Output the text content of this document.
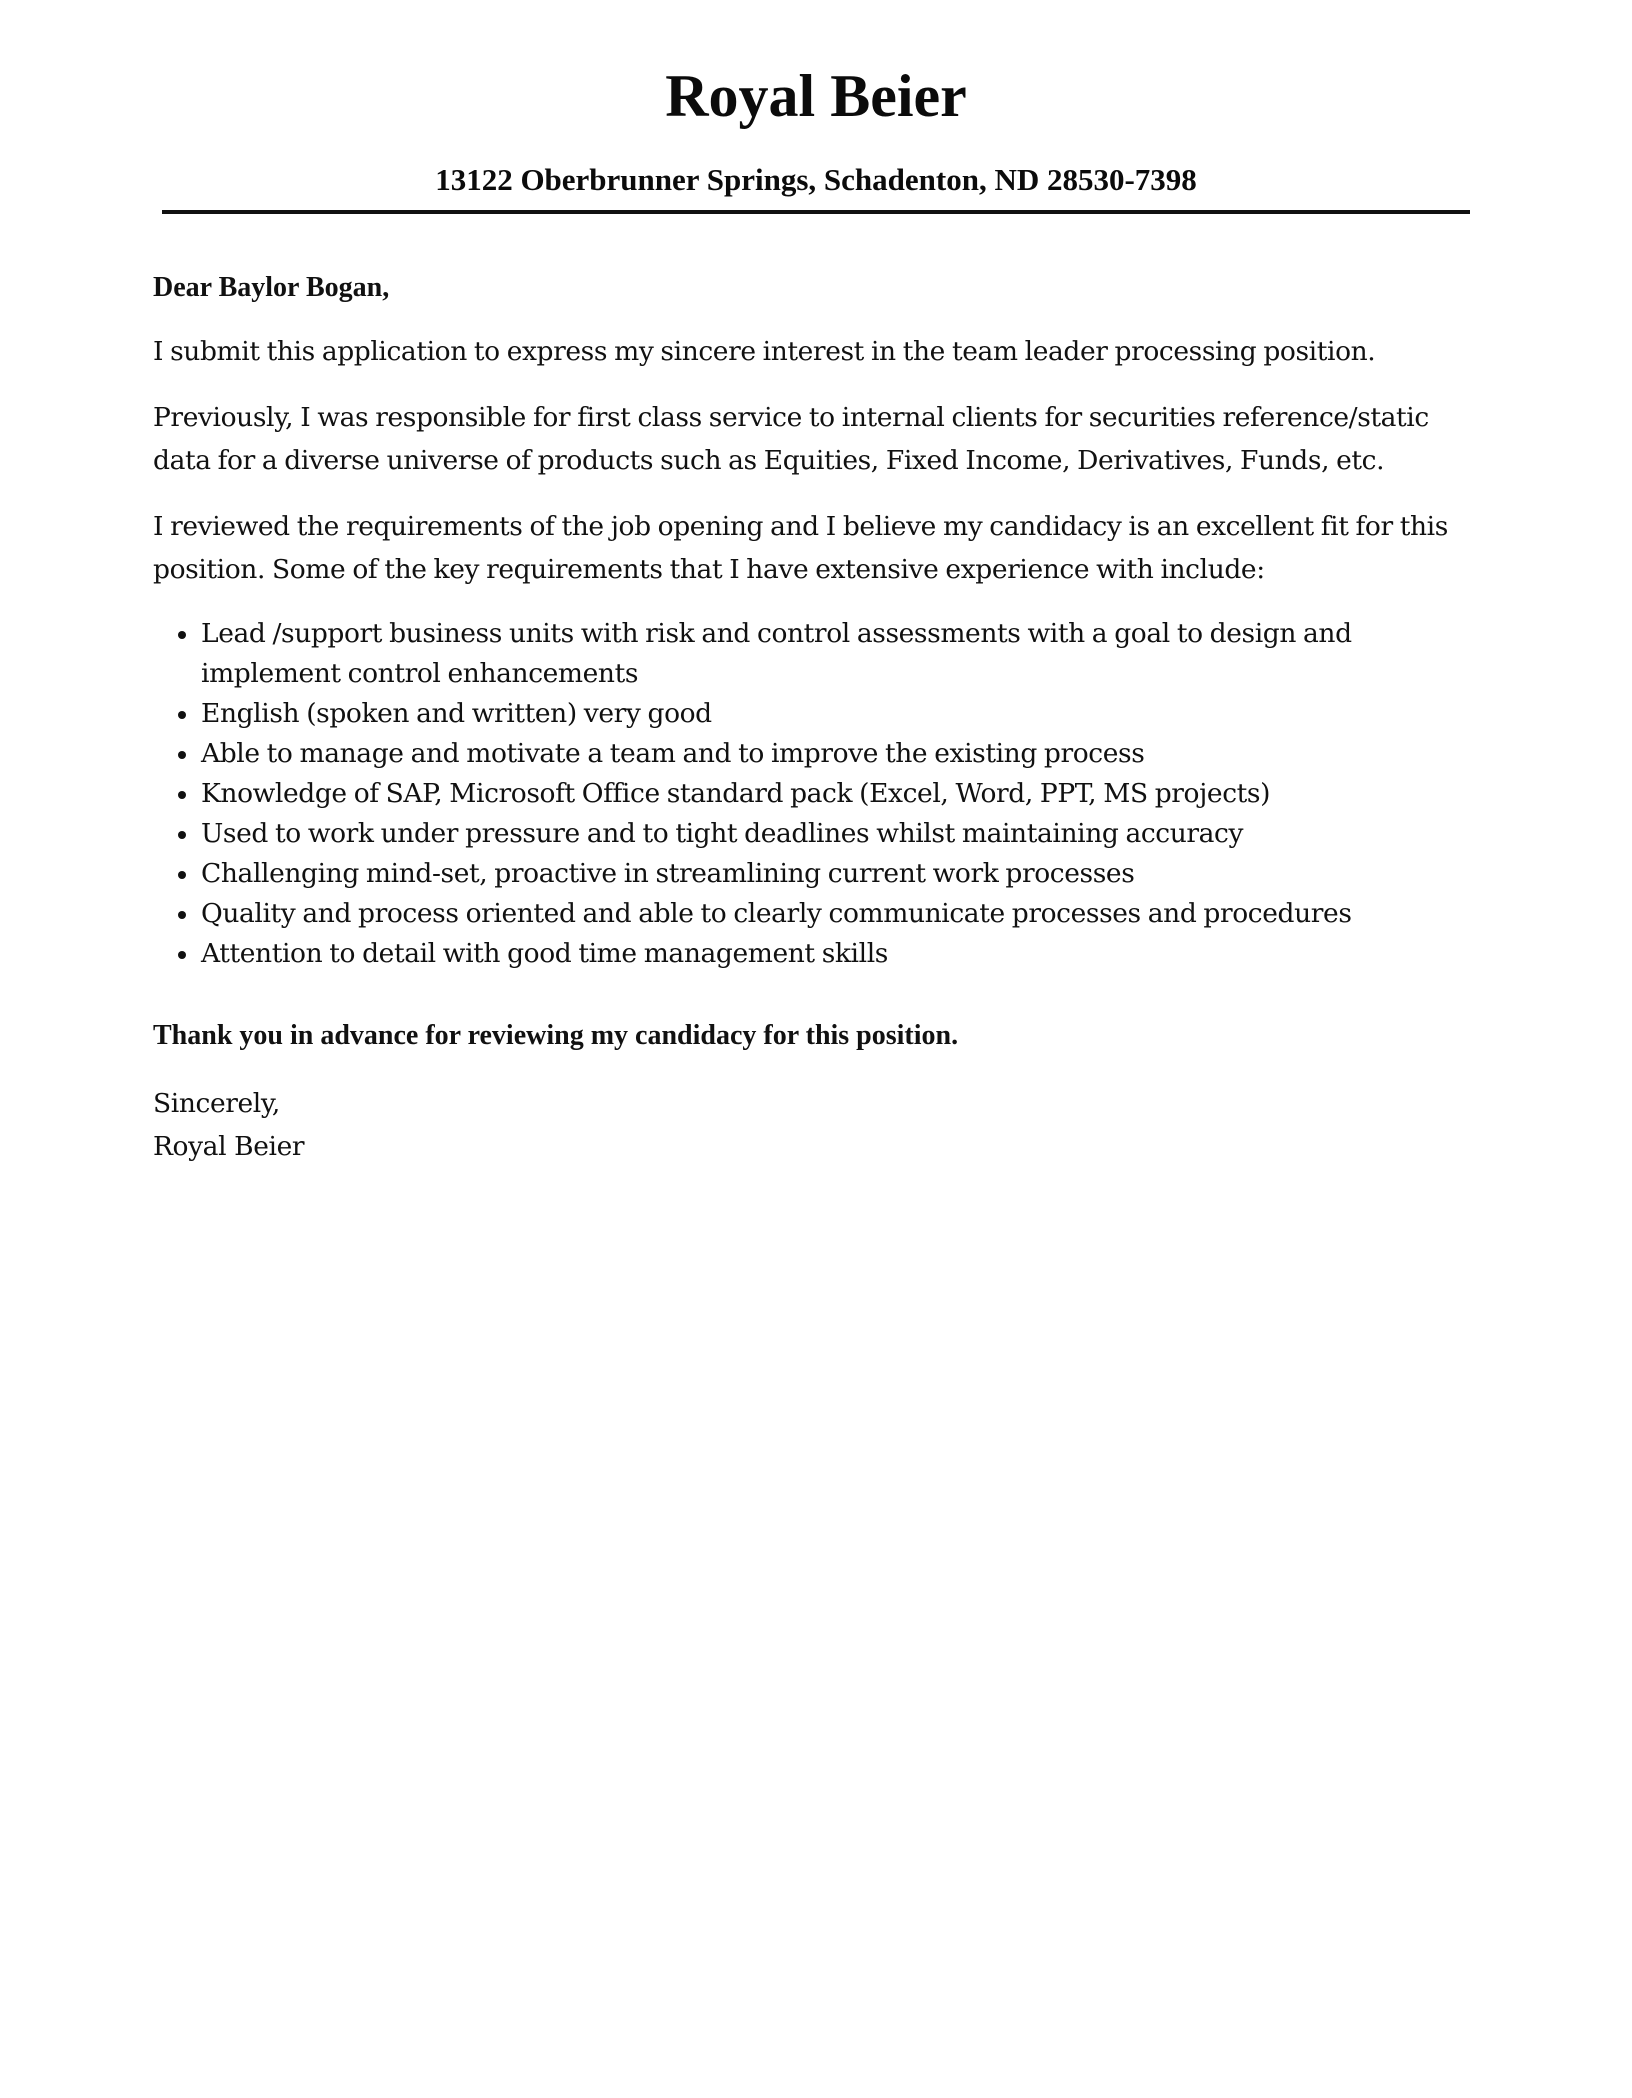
Royal Beier
13122 Oberbrunner Springs, Schadenton, ND 28530-7398

Dear Baylor Bogan,

I submit this application to express my sincere interest in the team leader processing position.

Previously, I was responsible for first class service to internal clients for securities reference/static data for a diverse universe of products such as Equities, Fixed Income, Derivatives, Funds, etc.

I reviewed the requirements of the job opening and I believe my candidacy is an excellent fit for this position. Some of the key requirements that I have extensive experience with include:

Lead /support business units with risk and control assessments with a goal to design and implement control enhancements
English (spoken and written) very good
Able to manage and motivate a team and to improve the existing process
Knowledge of SAP, Microsoft Office standard pack (Excel, Word, PPT, MS projects)
Used to work under pressure and to tight deadlines whilst maintaining accuracy
Challenging mind-set, proactive in streamlining current work processes
Quality and process oriented and able to clearly communicate processes and procedures
Attention to detail with good time management skills

Thank you in advance for reviewing my candidacy for this position.

Sincerely,

Royal Beier
